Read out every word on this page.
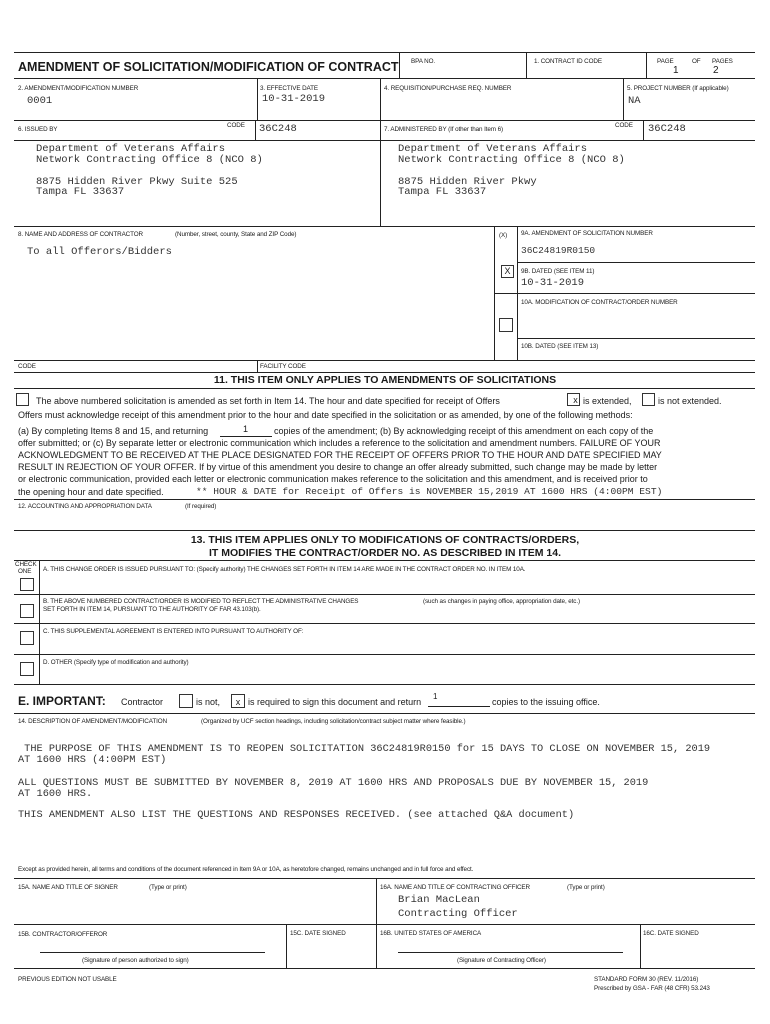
AMENDMENT OF SOLICITATION/MODIFICATION OF CONTRACT BPA NO.	1. CONTRACT ID CODE	PAGE	OF PAGES
1	2
2. AMENDMENT/MODIFICATION NUMBER
0001
3. EFFECTIVE DATE
10-31-2019
4. REQUISITION/PURCHASE REQ. NUMBER	5. PROJECT NUMBER (If applicable)
NA
6. ISSUED BY
CODE 36C248
Department of Veterans Affairs
Network Contracting Office 8 (NCO 8)
8875 Hidden River Pkwy Suite 525
Tampa FL 33637
7. ADMINISTERED BY (If other than Item 6)
CODE 36C248
Department of Veterans Affairs
Network Contracting Office 8 (NCO 8)
8875 Hidden River Pkwy
Tampa FL 33637
8. NAME AND ADDRESS OF CONTRACTOR	(Number, street, county, State and ZIP Code)
To all Offerors/Bidders
(X) 9A. AMENDMENT OF SOLICITATION NUMBER
36C24819R0150
X	9B. DATED (SEE ITEM 11)
10-31-2019
10A. MODIFICATION OF CONTRACT/ORDER NUMBER
10B. DATED (SEE ITEM 13)
CODE	FACILITY CODE
11. THIS ITEM ONLY APPLIES TO AMENDMENTS OF SOLICITATIONS
The above numbered solicitation is amended as set forth in Item 14. The hour and date specified for receipt of Offers	x is extended,	is not extended.
Offers must acknowledge receipt of this amendment prior to the hour and date specified in the solicitation or as amended, by one of the following methods:
(a) By completing Items 8 and 15, and returning	1	copies of the amendment; (b) By acknowledging receipt of this amendment on each copy of the
offer submitted; or (c) By separate letter or electronic communication which includes a reference to the solicitation and amendment numbers. FAILURE OF YOUR
ACKNOWLEDGMENT TO BE RECEIVED AT THE PLACE DESIGNATED FOR THE RECEIPT OF OFFERS PRIOR TO THE HOUR AND DATE SPECIFIED MAY
RESULT IN REJECTION OF YOUR OFFER. If by virtue of this amendment you desire to change an offer already submitted, such change may be made by letter
or electronic communication, provided each letter or electronic communication makes reference to the solicitation and this amendment, and is received prior to
the opening hour and date specified.	** HOUR & DATE for Receipt of Offers is NOVEMBER 15,2019 AT 1600 HRS (4:00PM EST)
12. ACCOUNTING AND APPROPRIATION DATA	(If required)
13. THIS ITEM APPLIES ONLY TO MODIFICATIONS OF CONTRACTS/ORDERS,
IT MODIFIES THE CONTRACT/ORDER NO. AS DESCRIBED IN ITEM 14.
CHECK
ONE A. THIS CHANGE ORDER IS ISSUED PURSUANT TO: (Specify authority) THE CHANGES SET FORTH IN ITEM 14 ARE MADE IN THE CONTRACT ORDER NO. IN ITEM 10A.
B. THE ABOVE NUMBERED CONTRACT/ORDER IS MODIFIED TO REFLECT THE ADMINISTRATIVE CHANGES	(such as changes in paying office, appropriation date, etc.)
SET FORTH IN ITEM 14, PURSUANT TO THE AUTHORITY OF FAR 43.103(b).
C. THIS SUPPLEMENTAL AGREEMENT IS ENTERED INTO PURSUANT TO AUTHORITY OF:
D. OTHER (Specify type of modification and authority)
E. IMPORTANT: Contractor	is not,	x is required to sign this document and return
1
copies to the issuing office.
14. DESCRIPTION OF AMENDMENT/MODIFICATION	(Organized by UCF section headings, including solicitation/contract subject matter where feasible.)
THE PURPOSE OF THIS AMENDMENT IS TO REOPEN SOLICITATION 36C24819R0150 for 15 DAYS TO CLOSE ON NOVEMBER 15, 2019
AT 1600 HRS (4:00PM EST)
ALL QUESTIONS MUST BE SUBMITTED BY NOVEMBER 8, 2019 AT 1600 HRS AND PROPOSALS DUE BY NOVEMBER 15, 2019
AT 1600 HRS.
THIS AMENDMENT ALSO LIST THE QUESTIONS AND RESPONSES RECEIVED. (see attached Q&A document)
Except as provided herein, all terms and conditions of the document referenced in Item 9A or 10A, as heretofore changed, remains unchanged and in full force and effect.
15A. NAME AND TITLE OF SIGNER	(Type or print)	16A. NAME AND TITLE OF CONTRACTING OFFICER	(Type or print)
Brian MacLean
Contracting Officer
15B. CONTRACTOR/OFFEROR	15C. DATE SIGNED	16B. UNITED STATES OF AMERICA	16C. DATE SIGNED
(Signature of person authorized to sign)	(Signature of Contracting Officer)
PREVIOUS EDITION NOT USABLE	STANDARD FORM 30 (REV. 11/2016)
Prescribed by GSA - FAR (48 CFR) 53.243
